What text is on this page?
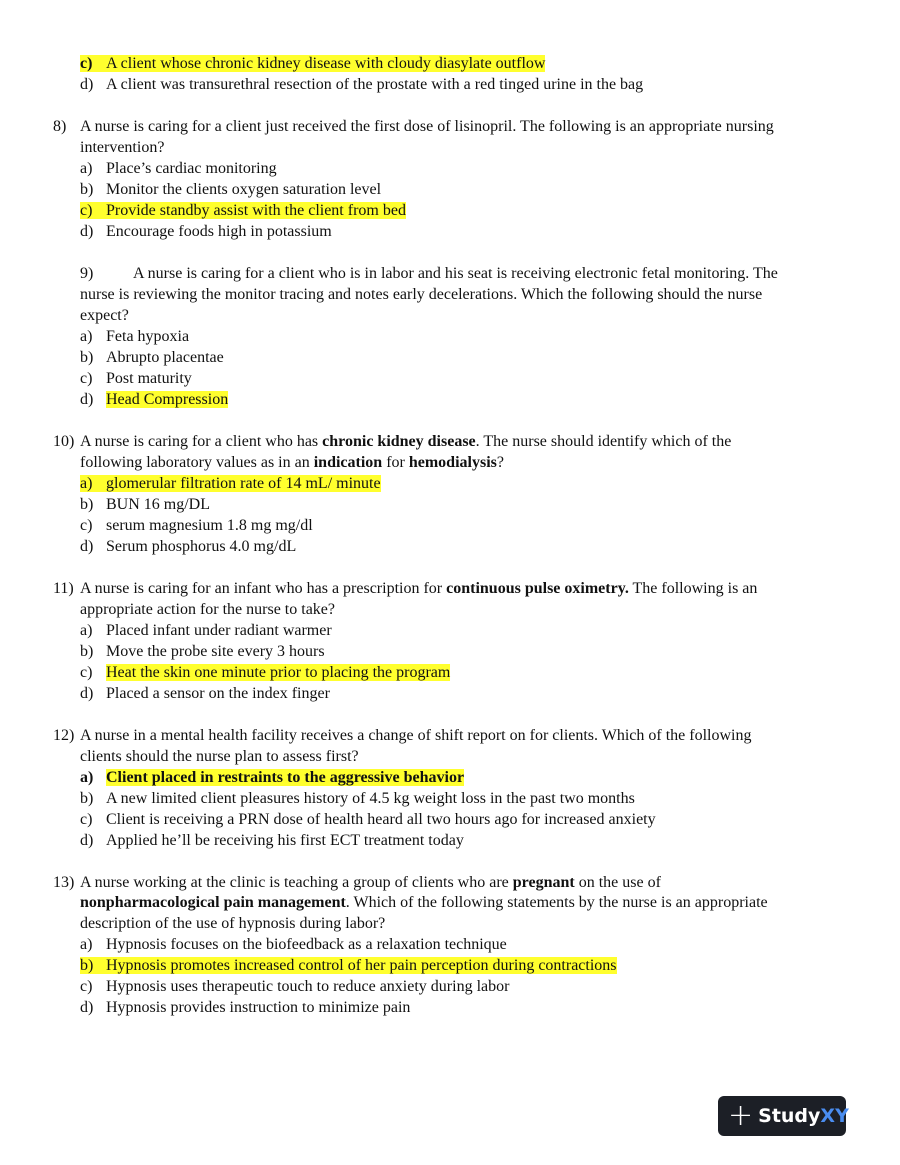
c) A client whose chronic kidney disease with cloudy diasylate outflow
d) A client was transurethral resection of the prostate with a red tinged urine in the bag
8) A nurse is caring for a client just received the first dose of lisinopril. The following is an appropriate nursing
intervention?
a) Place’s cardiac monitoring
b) Monitor the clients oxygen saturation level
c) Provide standby assist with the client from bed
d) Encourage foods high in potassium
9) A nurse is caring for a client who is in labor and his seat is receiving electronic fetal monitoring. The
nurse is reviewing the monitor tracing and notes early decelerations. Which the following should the nurse
expect?
a) Feta hypoxia
b) Abrupto placentae
c) Post maturity
d) Head Compression
10) A nurse is caring for a client who has chronic kidney disease. The nurse should identify which of the
following laboratory values as in an indication for hemodialysis?
a) glomerular filtration rate of 14 mL/ minute
b) BUN 16 mg/DL
c) serum magnesium 1.8 mg mg/dl
d) Serum phosphorus 4.0 mg/dL
11) A nurse is caring for an infant who has a prescription for continuous pulse oximetry. The following is an
appropriate action for the nurse to take?
a) Placed infant under radiant warmer
b) Move the probe site every 3 hours
c) Heat the skin one minute prior to placing the program
d) Placed a sensor on the index finger
12) A nurse in a mental health facility receives a change of shift report on for clients. Which of the following
clients should the nurse plan to assess first?
a) Client placed in restraints to the aggressive behavior
b) A new limited client pleasures history of 4.5 kg weight loss in the past two months
c) Client is receiving a PRN dose of health heard all two hours ago for increased anxiety
d) Applied he’ll be receiving his first ECT treatment today
13) A nurse working at the clinic is teaching a group of clients who are pregnant on the use of
nonpharmacological pain management. Which of the following statements by the nurse is an appropriate
description of the use of hypnosis during labor?
a) Hypnosis focuses on the biofeedback as a relaxation technique
b) Hypnosis promotes increased control of her pain perception during contractions
c) Hypnosis uses therapeutic touch to reduce anxiety during labor
d) Hypnosis provides instruction to minimize pain
+ StudyXY
